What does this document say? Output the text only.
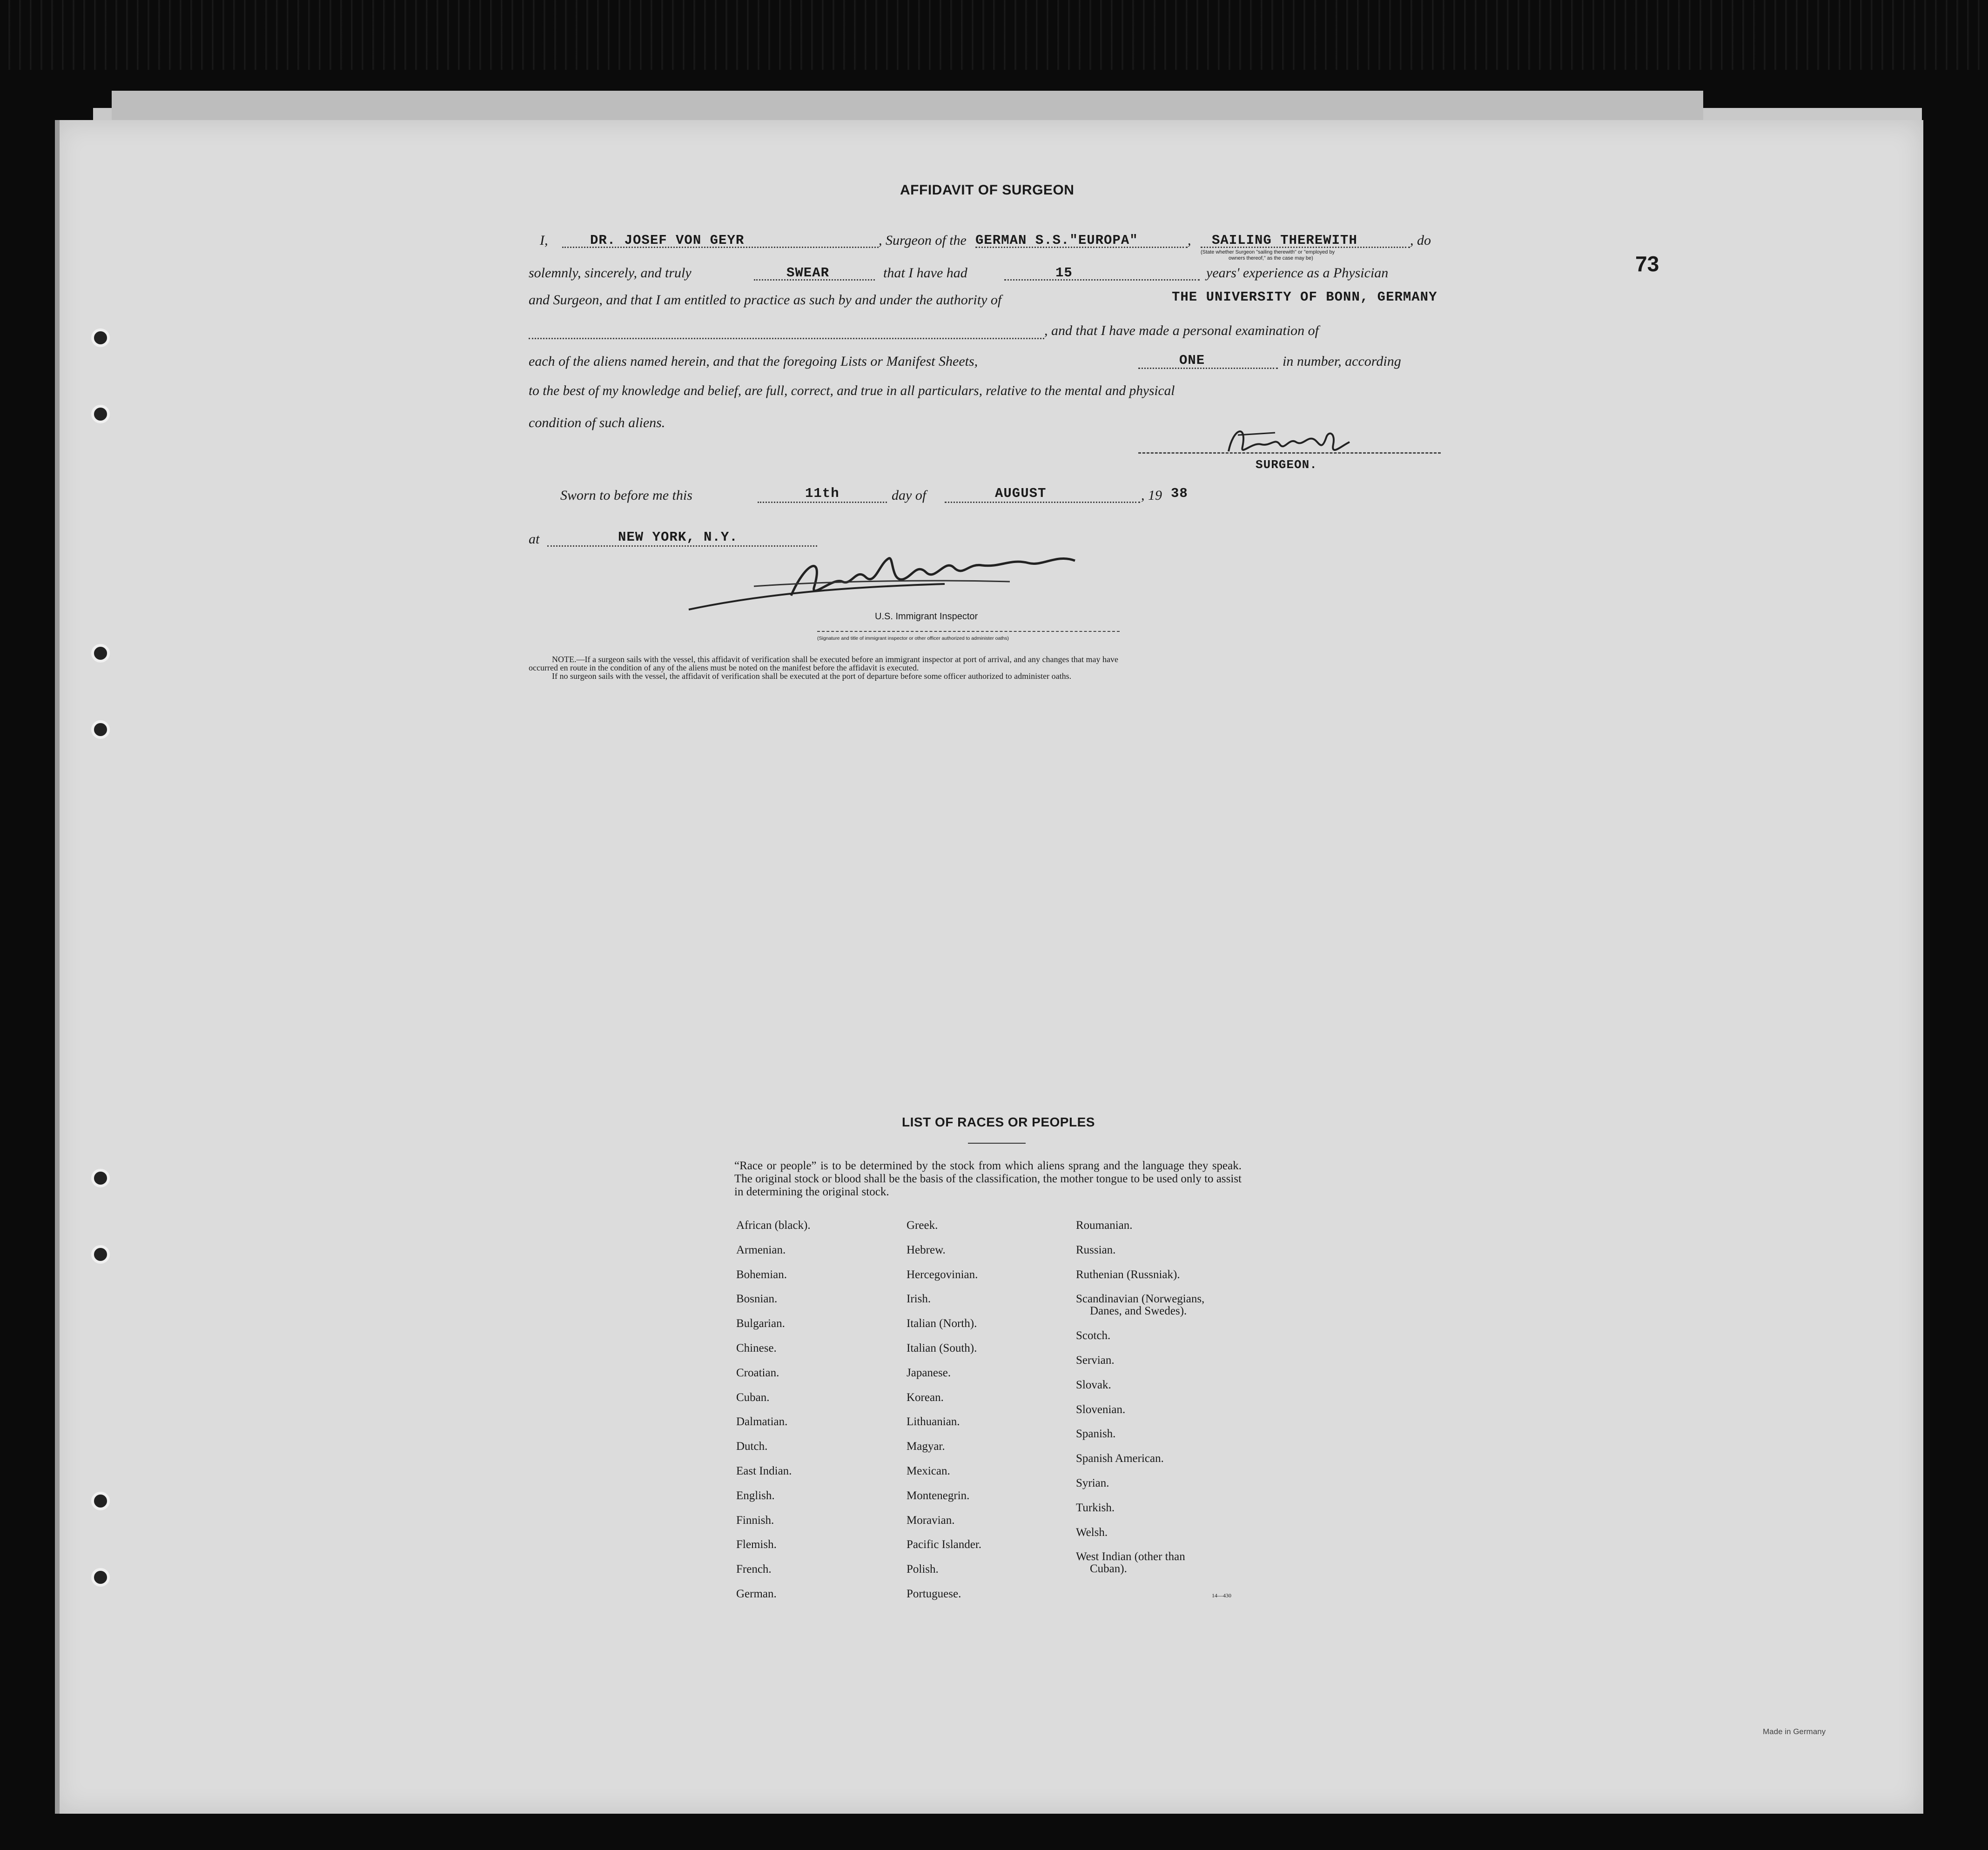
73
AFFIDAVIT OF SURGEON
I,	DR. JOSEF VON GEYR	, Surgeon of the GERMAN S.S."EUROPA"	, SAILING THEREWITH	, do
(State whether Surgeon "sailing therewith" or "employed by
owners thereof," as the case may be)
solemnly, sincerely, and truly	SWEAR	that I have had	15	years' experience as a Physician
and Surgeon, and that I am entitled to practice as such by and under the authority of	THE UNIVERSITY OF BONN, GERMANY
, and that I have made a personal examination of
each of the aliens named herein, and that the foregoing Lists or Manifest Sheets,	ONE	in number, according
to the best of my knowledge and belief, are full, correct, and true in all particulars, relative to the mental and physical
condition of such aliens.
SURGEON.
Sworn to before me this	11th	day of	AUGUST	, 19 38
at	NEW YORK, N.Y.
U.S. Immigrant Inspector
(Signature and title of immigrant inspector or other officer authorized to administer oaths)
NOTE.—If a surgeon sails with the vessel, this affidavit of verification shall be executed before an immigrant inspector at port of arrival, and any changes that may have
occurred en route in the condition of any of the aliens must be noted on the manifest before the affidavit is executed.
If no surgeon sails with the vessel, the affidavit of verification shall be executed at the port of departure before some officer authorized to administer oaths.
LIST OF RACES OR PEOPLES
“Race or people” is to be determined by the stock from which aliens sprang and the language they speak. The original stock or blood shall be the basis of the classification, the mother tongue to be used only to assist in determining the original stock.
African (black).
Armenian.
Bohemian.
Bosnian.
Bulgarian.
Chinese.
Croatian.
Cuban.
Dalmatian.
Dutch.
East Indian.
English.
Finnish.
Flemish.
French.
German.
Greek.
Hebrew.
Hercegovinian.
Irish.
Italian (North).
Italian (South).
Japanese.
Korean.
Lithuanian.
Magyar.
Mexican.
Montenegrin.
Moravian.
Pacific Islander.
Polish.
Portuguese.
Roumanian.
Russian.
Ruthenian (Russniak).
Scandinavian (Norwegians,
Danes, and Swedes).
Scotch.
Servian.
Slovak.
Slovenian.
Spanish.
Spanish American.
Syrian.
Turkish.
Welsh.
West Indian (other than
Cuban).
14—430
Made in Germany
